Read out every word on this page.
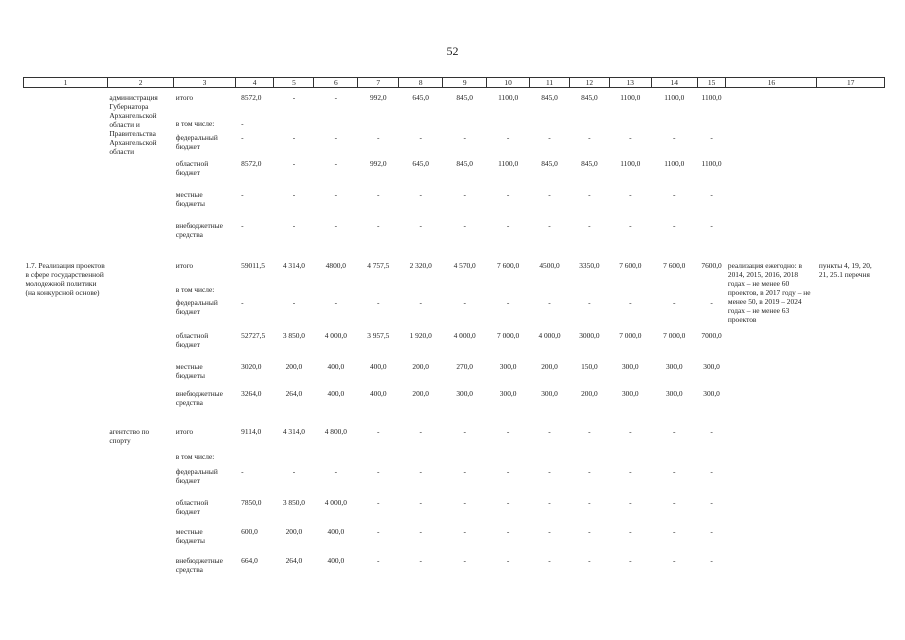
52
1	2	3	4	5	6	7	8	9	10	11	12	13	14	15	16	17
	администрация Губернатора Архангельской области и Правительства Архангельской области	итого	8572,0	-	-	992,0	645,0	845,0	1100,0	845,0	845,0	1100,0	1100,0	1100,0		
		в том числе:	-													
		федеральный бюджет	-	-	-	-	-	-	-	-	-	-	-	-		
		областной бюджет	8572,0	-	-	992,0	645,0	845,0	1100,0	845,0	845,0	1100,0	1100,0	1100,0		
		местные бюджеты	-	-	-	-	-	-	-	-	-	-	-	-		
		внебюджетные средства	-	-	-	-	-	-	-	-	-	-	-	-		
1.7. Реализация проектов в сфере государственной молодежной политики (на конкурсной основе)		итого	59011,5	4 314,0	4800,0	4 757,5	2 320,0	4 570,0	7 600,0	4500,0	3350,0	7 600,0	7 600,0	7600,0	реализация ежегодно: в 2014, 2015, 2016, 2018 годах – не менее 60 проектов, в 2017 году – не менее 50, в 2019 – 2024 годах – не менее 63 проектов	пункты 4, 19, 20, 21, 25.1 перечня
		в том числе:														
		федеральный бюджет	-	-	-	-	-	-	-	-	-	-	-	-		
		областной бюджет	52727,5	3 850,0	4 000,0	3 957,5	1 920,0	4 000,0	7 000,0	4 000,0	3000,0	7 000,0	7 000,0	7000,0		
		местные бюджеты	3020,0	200,0	400,0	400,0	200,0	270,0	300,0	200,0	150,0	300,0	300,0	300,0		
		внебюджетные средства	3264,0	264,0	400,0	400,0	200,0	300,0	300,0	300,0	200,0	300,0	300,0	300,0		
	агентство по спорту	итого	9114,0	4 314,0	4 800,0	-	-	-	-	-	-	-	-	-		
		в том числе:														
		федеральный бюджет	-	-	-	-	-	-	-	-	-	-	-	-		
		областной бюджет	7850,0	3 850,0	4 000,0	-	-	-	-	-	-	-	-	-		
		местные бюджеты	600,0	200,0	400,0	-	-	-	-	-	-	-	-	-		
		внебюджетные средства	664,0	264,0	400,0	-	-	-	-	-	-	-	-	-		
